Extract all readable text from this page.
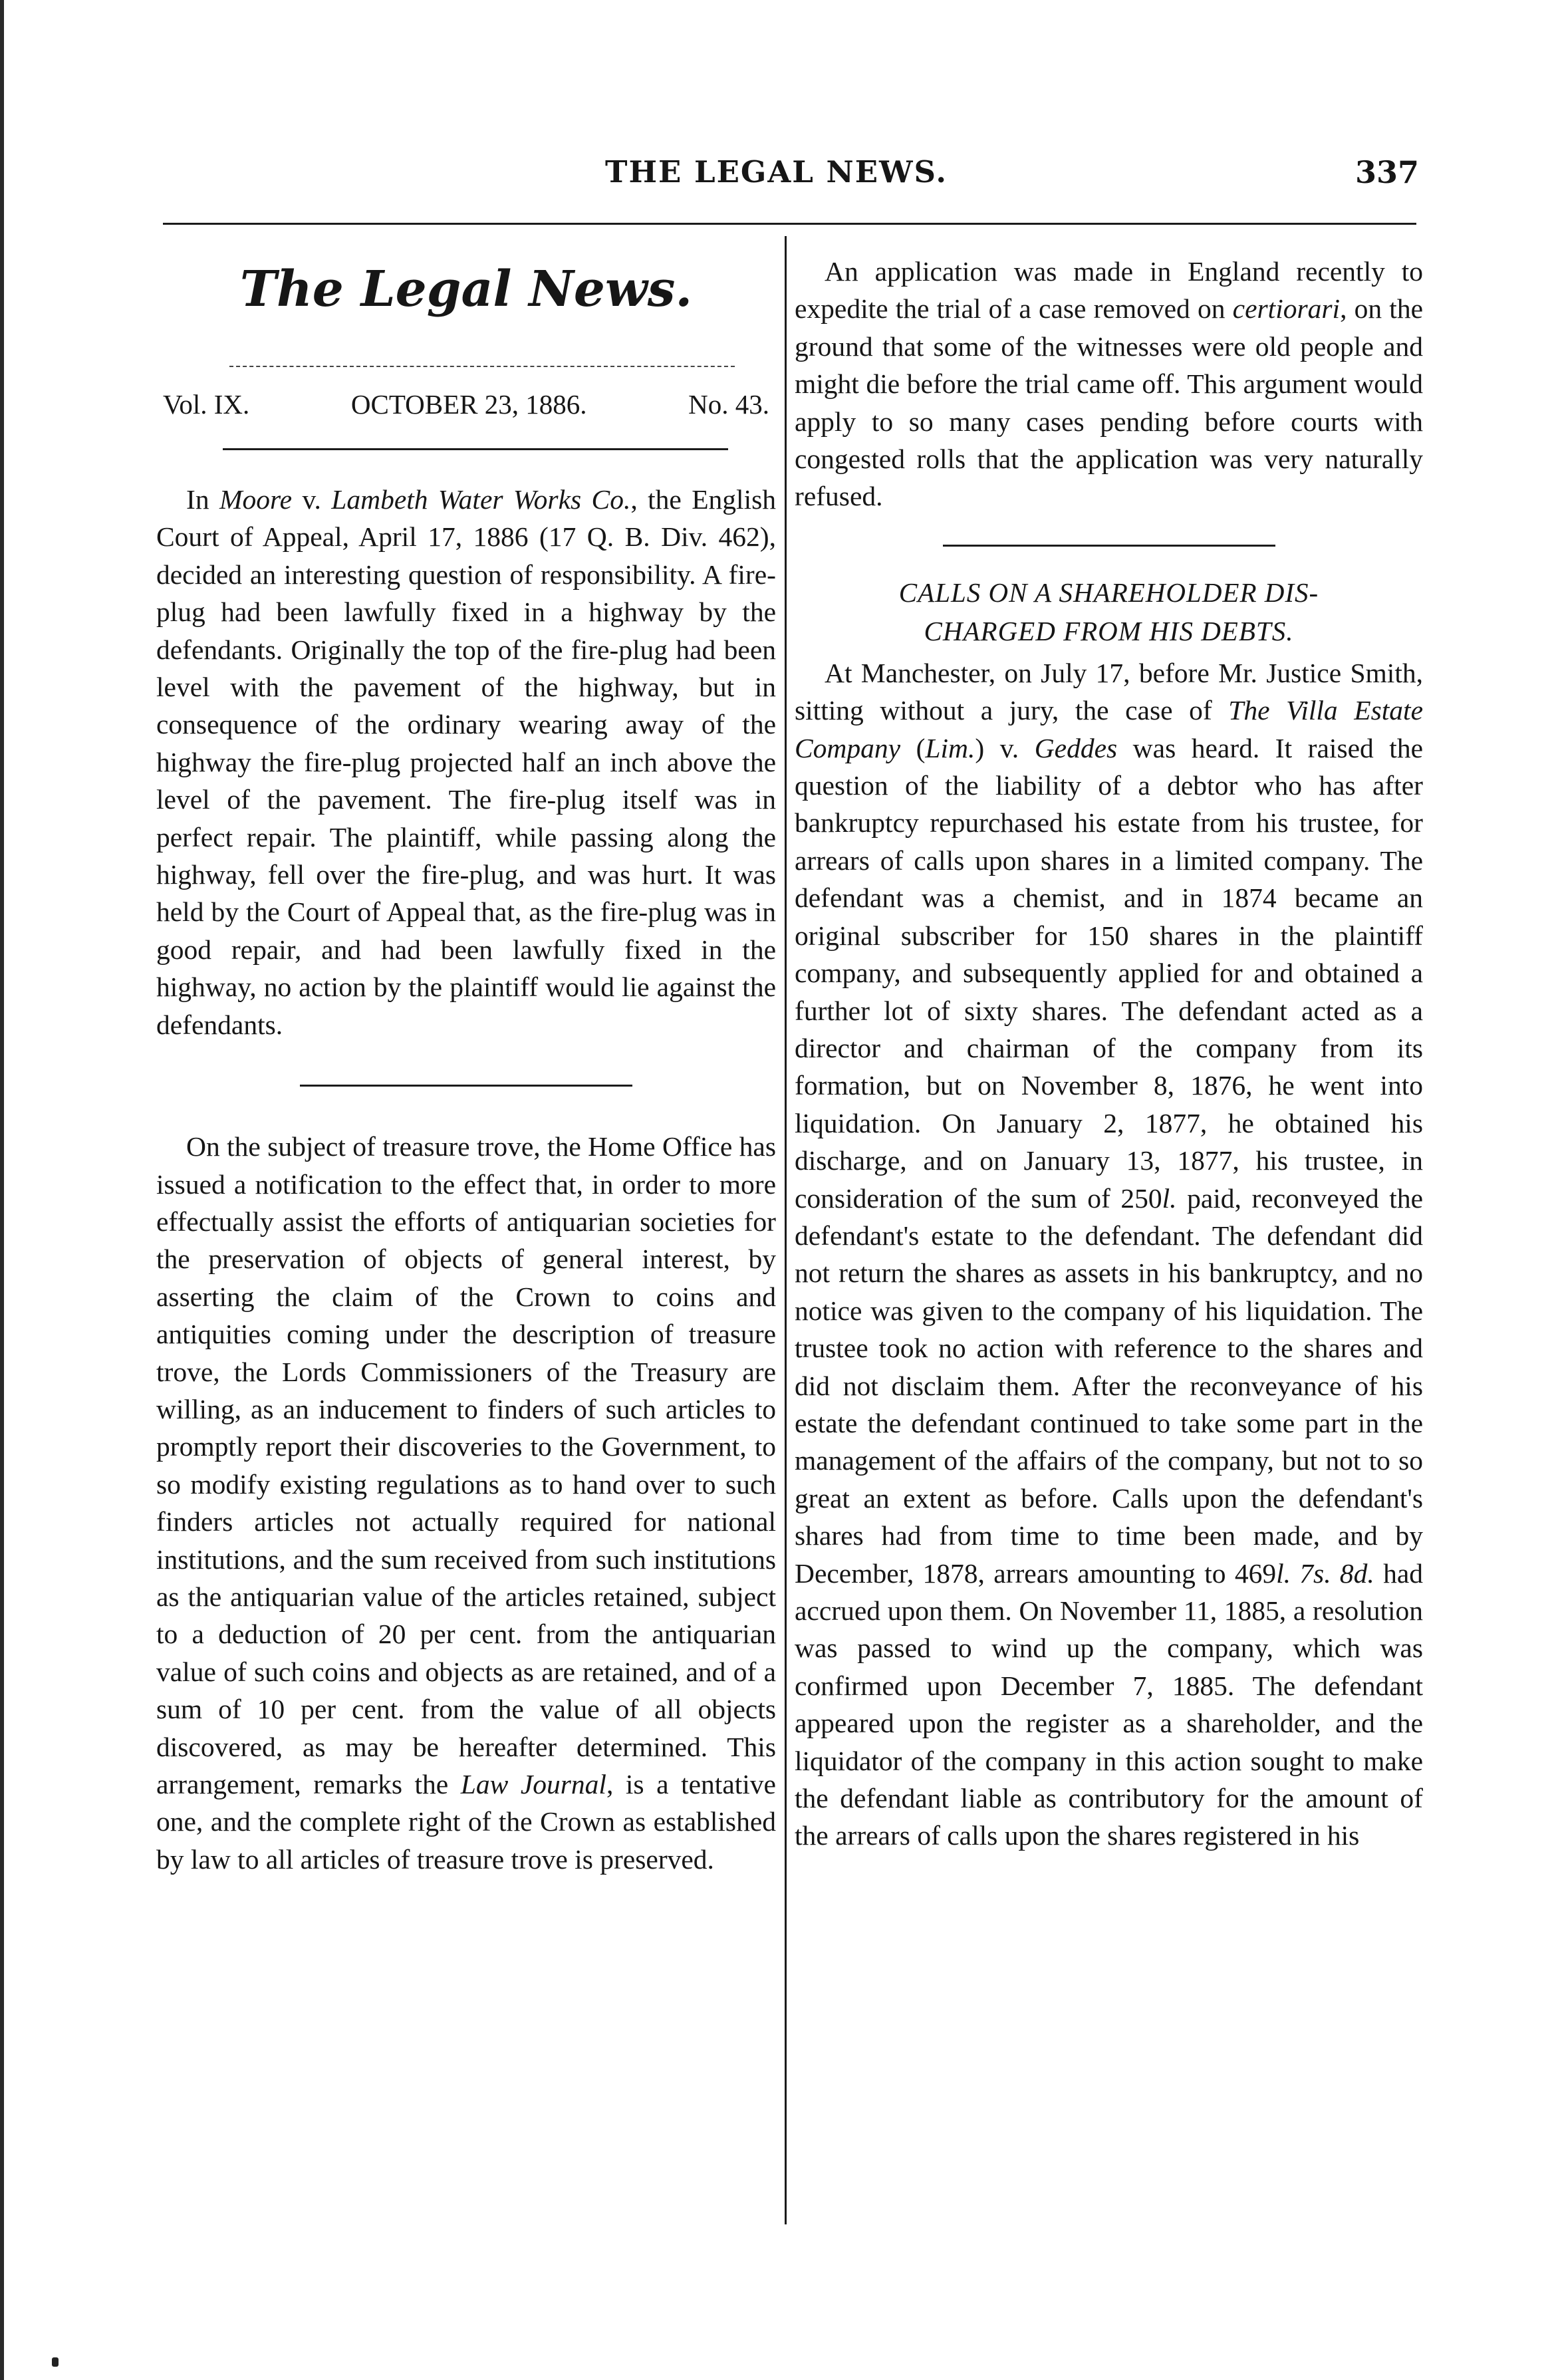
THE LEGAL NEWS.	337
The Legal News.
Vol. IX.	OCTOBER 23, 1886.	No. 43.

In Moore v. Lambeth Water Works Co., the English Court of Appeal, April 17, 1886 (17 Q. B. Div. 462), decided an interesting question of responsibility. A fire-plug had been lawfully fixed in a highway by the defendants. Originally the top of the fire-plug had been level with the pavement of the highway, but in consequence of the ordinary wearing away of the highway the fire-plug projected half an inch above the level of the pavement. The fire-plug itself was in perfect repair. The plaintiff, while passing along the highway, fell over the fire-plug, and was hurt. It was held by the Court of Appeal that, as the fire-plug was in good repair, and had been lawfully fixed in the highway, no action by the plaintiff would lie against the defendants.

On the subject of treasure trove, the Home Office has issued a notification to the effect that, in order to more effectually assist the efforts of antiquarian societies for the preservation of objects of general interest, by asserting the claim of the Crown to coins and antiquities coming under the description of treasure trove, the Lords Commissioners of the Treasury are willing, as an inducement to finders of such articles to promptly report their discoveries to the Government, to so modify existing regulations as to hand over to such finders articles not actually required for national institutions, and the sum received from such institutions as the antiquarian value of the articles retained, subject to a deduction of 20 per cent. from the antiquarian value of such coins and objects as are retained, and of a sum of 10 per cent. from the value of all objects discovered, as may be hereafter determined. This arrangement, remarks the Law Journal, is a tentative one, and the complete right of the Crown as established by law to all articles of treasure trove is preserved.

An application was made in England recently to expedite the trial of a case removed on certiorari, on the ground that some of the witnesses were old people and might die before the trial came off. This argument would apply to so many cases pending before courts with congested rolls that the application was very naturally refused.

CALLS ON A SHAREHOLDER DIS-
CHARGED FROM HIS DEBTS.

At Manchester, on July 17, before Mr. Justice Smith, sitting without a jury, the case of The Villa Estate Company (Lim.) v. Geddes was heard. It raised the question of the liability of a debtor who has after bankruptcy repurchased his estate from his trustee, for arrears of calls upon shares in a limited company. The defendant was a chemist, and in 1874 became an original subscriber for 150 shares in the plaintiff company, and subsequently applied for and obtained a further lot of sixty shares. The defendant acted as a director and chairman of the company from its formation, but on November 8, 1876, he went into liquidation. On January 2, 1877, he obtained his discharge, and on January 13, 1877, his trustee, in consideration of the sum of 250l. paid, reconveyed the defendant's estate to the defendant. The defendant did not return the shares as assets in his bankruptcy, and no notice was given to the company of his liquidation. The trustee took no action with reference to the shares and did not disclaim them. After the reconveyance of his estate the defendant continued to take some part in the management of the affairs of the company, but not to so great an extent as before. Calls upon the defendant's shares had from time to time been made, and by December, 1878, arrears amounting to 469l. 7s. 8d. had accrued upon them. On November 11, 1885, a resolution was passed to wind up the company, which was confirmed upon December 7, 1885. The defendant appeared upon the register as a shareholder, and the liquidator of the company in this action sought to make the defendant liable as contributory for the amount of the arrears of calls upon the shares registered in his
